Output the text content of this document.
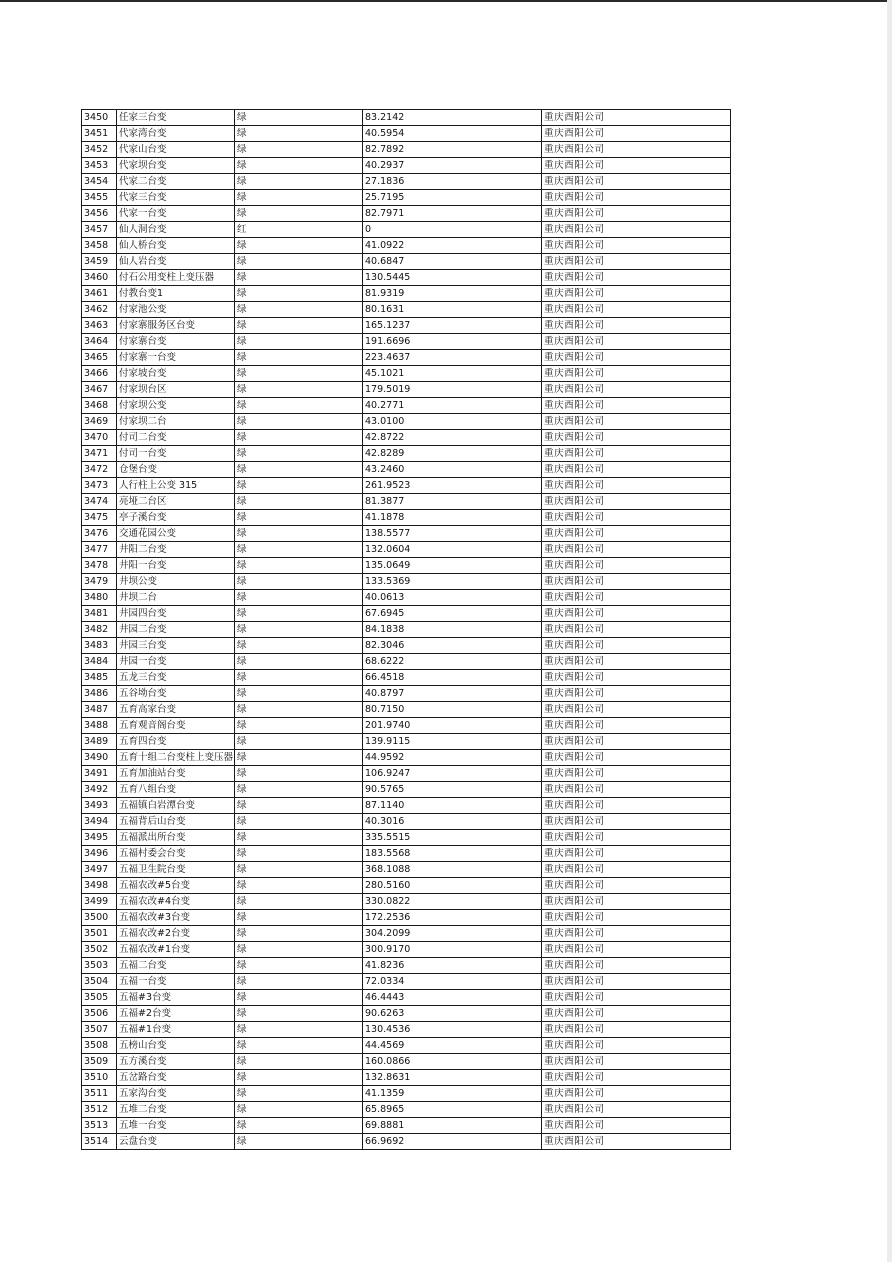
3450	任家三台变	绿	83.2142	重庆酉阳公司
3451	代家湾台变	绿	40.5954	重庆酉阳公司
3452	代家山台变	绿	82.7892	重庆酉阳公司
3453	代家坝台变	绿	40.2937	重庆酉阳公司
3454	代家二台变	绿	27.1836	重庆酉阳公司
3455	代家三台变	绿	25.7195	重庆酉阳公司
3456	代家一台变	绿	82.7971	重庆酉阳公司
3457	仙人洞台变	红	0	重庆酉阳公司
3458	仙人桥台变	绿	41.0922	重庆酉阳公司
3459	仙人岩台变	绿	40.6847	重庆酉阳公司
3460	付石公用变柱上变压器	绿	130.5445	重庆酉阳公司
3461	付教台变1	绿	81.9319	重庆酉阳公司
3462	付家池公变	绿	80.1631	重庆酉阳公司
3463	付家寨服务区台变	绿	165.1237	重庆酉阳公司
3464	付家寨台变	绿	191.6696	重庆酉阳公司
3465	付家寨一台变	绿	223.4637	重庆酉阳公司
3466	付家坡台变	绿	45.1021	重庆酉阳公司
3467	付家坝台区	绿	179.5019	重庆酉阳公司
3468	付家坝公变	绿	40.2771	重庆酉阳公司
3469	付家坝二台	绿	43.0100	重庆酉阳公司
3470	付司二台变	绿	42.8722	重庆酉阳公司
3471	付司一台变	绿	42.8289	重庆酉阳公司
3472	仓堡台变	绿	43.2460	重庆酉阳公司
3473	人行柱上公变 315	绿	261.9523	重庆酉阳公司
3474	亮垭二台区	绿	81.3877	重庆酉阳公司
3475	亭子溪台变	绿	41.1878	重庆酉阳公司
3476	交通花园公变	绿	138.5577	重庆酉阳公司
3477	井阳二台变	绿	132.0604	重庆酉阳公司
3478	井阳一台变	绿	135.0649	重庆酉阳公司
3479	井坝公变	绿	133.5369	重庆酉阳公司
3480	井坝二台	绿	40.0613	重庆酉阳公司
3481	井园四台变	绿	67.6945	重庆酉阳公司
3482	井园二台变	绿	84.1838	重庆酉阳公司
3483	井园三台变	绿	82.3046	重庆酉阳公司
3484	井园一台变	绿	68.6222	重庆酉阳公司
3485	五龙三台变	绿	66.4518	重庆酉阳公司
3486	五谷坳台变	绿	40.8797	重庆酉阳公司
3487	五育高家台变	绿	80.7150	重庆酉阳公司
3488	五育观音阁台变	绿	201.9740	重庆酉阳公司
3489	五育四台变	绿	139.9115	重庆酉阳公司
3490	五育十组二台变柱上变压器	绿	44.9592	重庆酉阳公司
3491	五育加油站台变	绿	106.9247	重庆酉阳公司
3492	五育八组台变	绿	90.5765	重庆酉阳公司
3493	五福镇白岩潭台变	绿	87.1140	重庆酉阳公司
3494	五福背后山台变	绿	40.3016	重庆酉阳公司
3495	五福派出所台变	绿	335.5515	重庆酉阳公司
3496	五福村委会台变	绿	183.5568	重庆酉阳公司
3497	五福卫生院台变	绿	368.1088	重庆酉阳公司
3498	五福农改#5台变	绿	280.5160	重庆酉阳公司
3499	五福农改#4台变	绿	330.0822	重庆酉阳公司
3500	五福农改#3台变	绿	172.2536	重庆酉阳公司
3501	五福农改#2台变	绿	304.2099	重庆酉阳公司
3502	五福农改#1台变	绿	300.9170	重庆酉阳公司
3503	五福二台变	绿	41.8236	重庆酉阳公司
3504	五福一台变	绿	72.0334	重庆酉阳公司
3505	五福#3台变	绿	46.4443	重庆酉阳公司
3506	五福#2台变	绿	90.6263	重庆酉阳公司
3507	五福#1台变	绿	130.4536	重庆酉阳公司
3508	五榜山台变	绿	44.4569	重庆酉阳公司
3509	五方溪台变	绿	160.0866	重庆酉阳公司
3510	五岔路台变	绿	132.8631	重庆酉阳公司
3511	五家沟台变	绿	41.1359	重庆酉阳公司
3512	五堆二台变	绿	65.8965	重庆酉阳公司
3513	五堆一台变	绿	69.8881	重庆酉阳公司
3514	云盘台变	绿	66.9692	重庆酉阳公司
